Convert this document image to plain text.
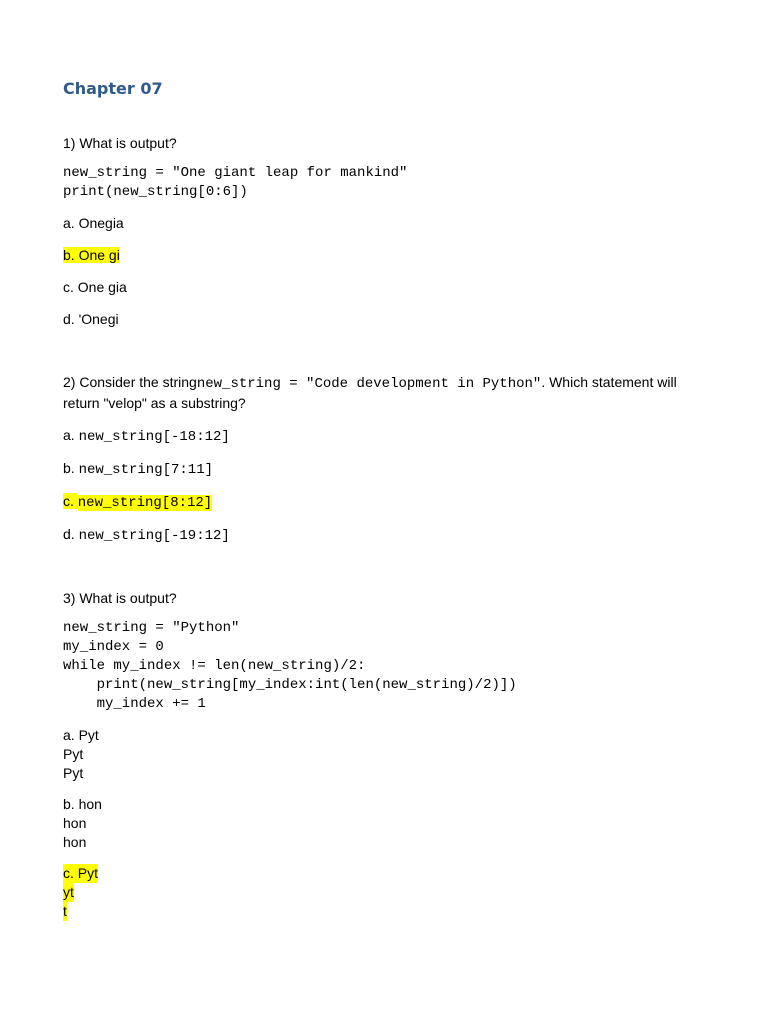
Chapter 07

1) What is output?

new_string = "One giant leap for mankind"
print(new_string[0:6])

a. Onegia

b. One gi

c. One gia

d. 'Onegi

2) Consider the stringnew_string = "Code development in Python". Which statement will return "velop" as a substring?

a. new_string[-18:12]

b. new_string[7:11]

c. new_string[8:12]

d. new_string[-19:12]

3) What is output?

new_string = "Python"
my_index = 0
while my_index != len(new_string)/2:
print(new_string[my_index:int(len(new_string)/2)])
my_index += 1
a. Pyt
Pyt
Pyt
b. hon
hon
hon
c. Pyt
yt
t
